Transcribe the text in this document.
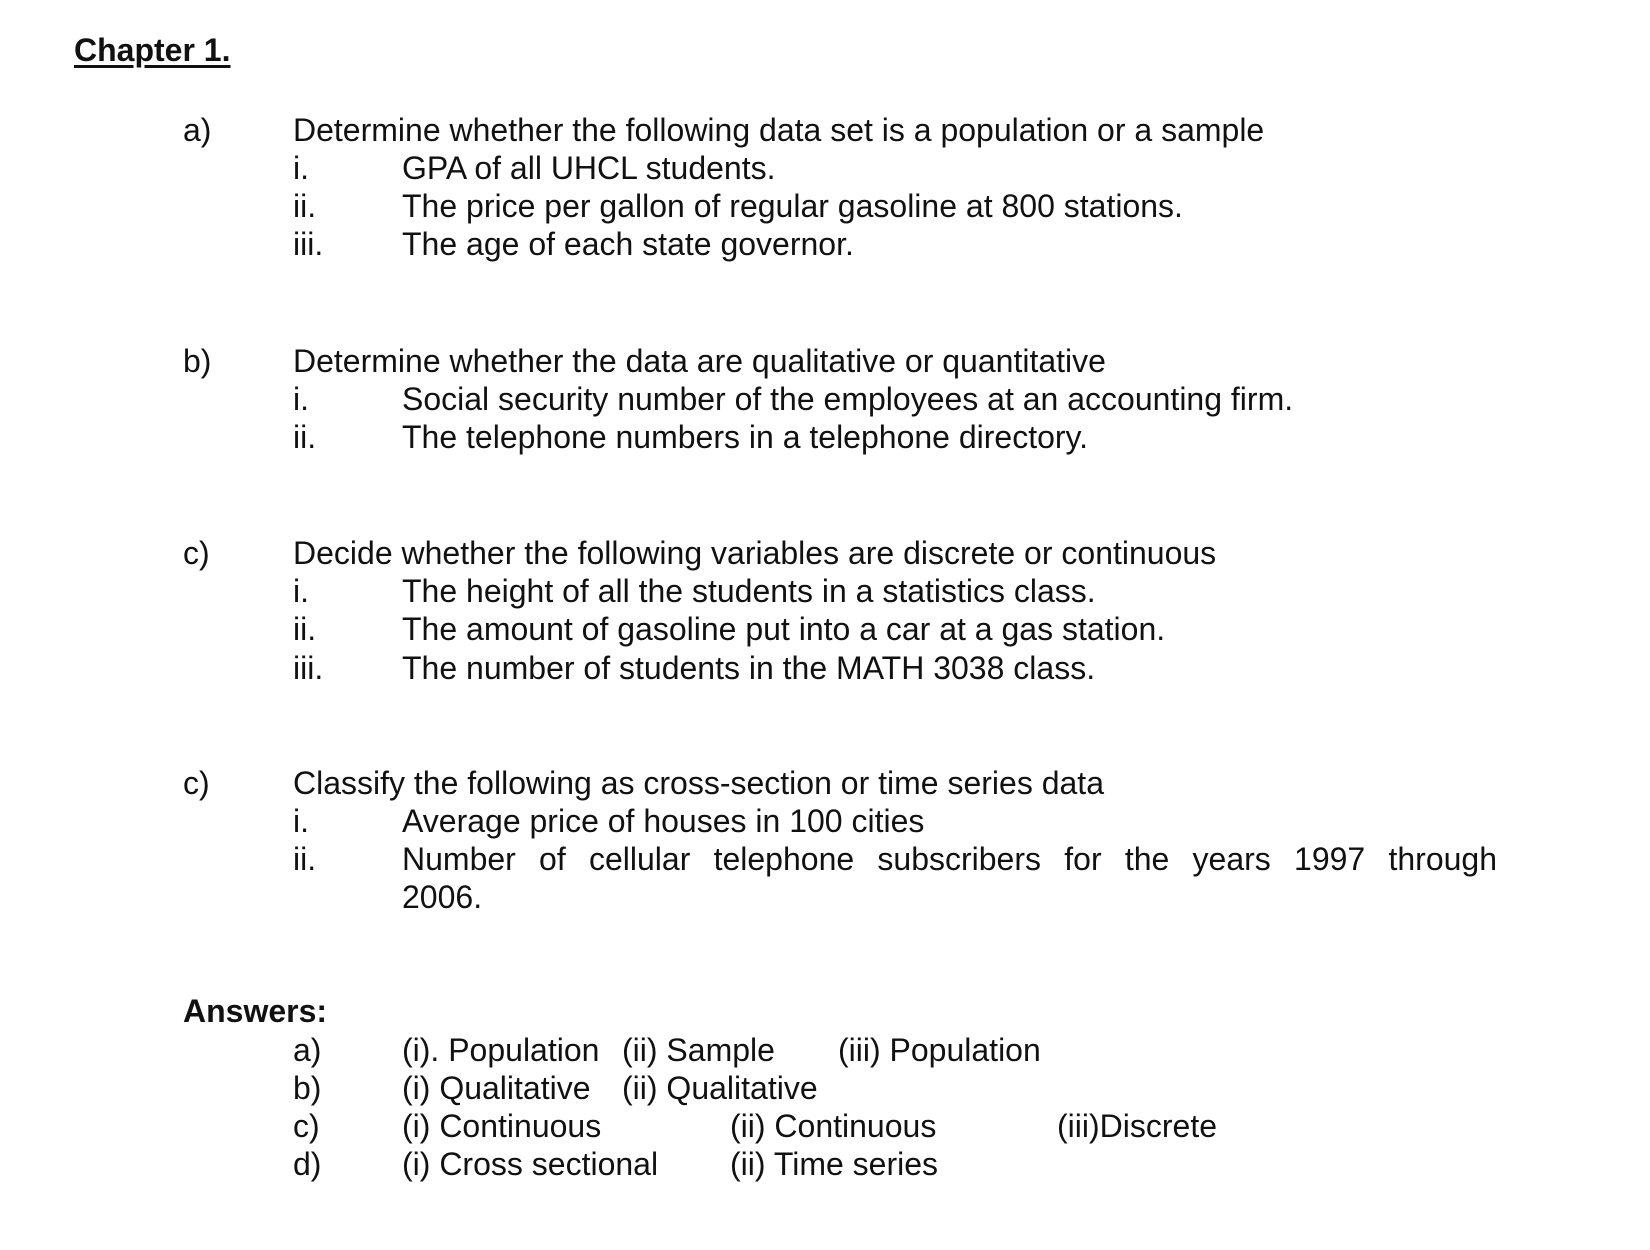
Chapter 1.
a)	Determine whether the following data set is a population or a sample
i.	GPA of all UHCL students.
ii.	The price per gallon of regular gasoline at 800 stations.
iii. The age of each state governor.
b)	Determine whether the data are qualitative or quantitative
i.	Social security number of the employees at an accounting firm.
ii.	The telephone numbers in a telephone directory.
c)	Decide whether the following variables are discrete or continuous
i.	The height of all the students in a statistics class.
ii.	The amount of gasoline put into a car at a gas station.
iii. The number of students in the MATH 3038 class.
c)	Classify the following as cross-section or time series data
i.	Average price of houses in 100 cities
ii.	Number of cellular telephone subscribers for the years 1997 through
2006.
Answers:
a)	(i). Population (ii) Sample (iii) Population
b)	(i) Qualitative (ii) Qualitative
c)	(i) Continuous	(ii) Continuous	(iii)Discrete
d)	(i) Cross sectional (ii) Time series
